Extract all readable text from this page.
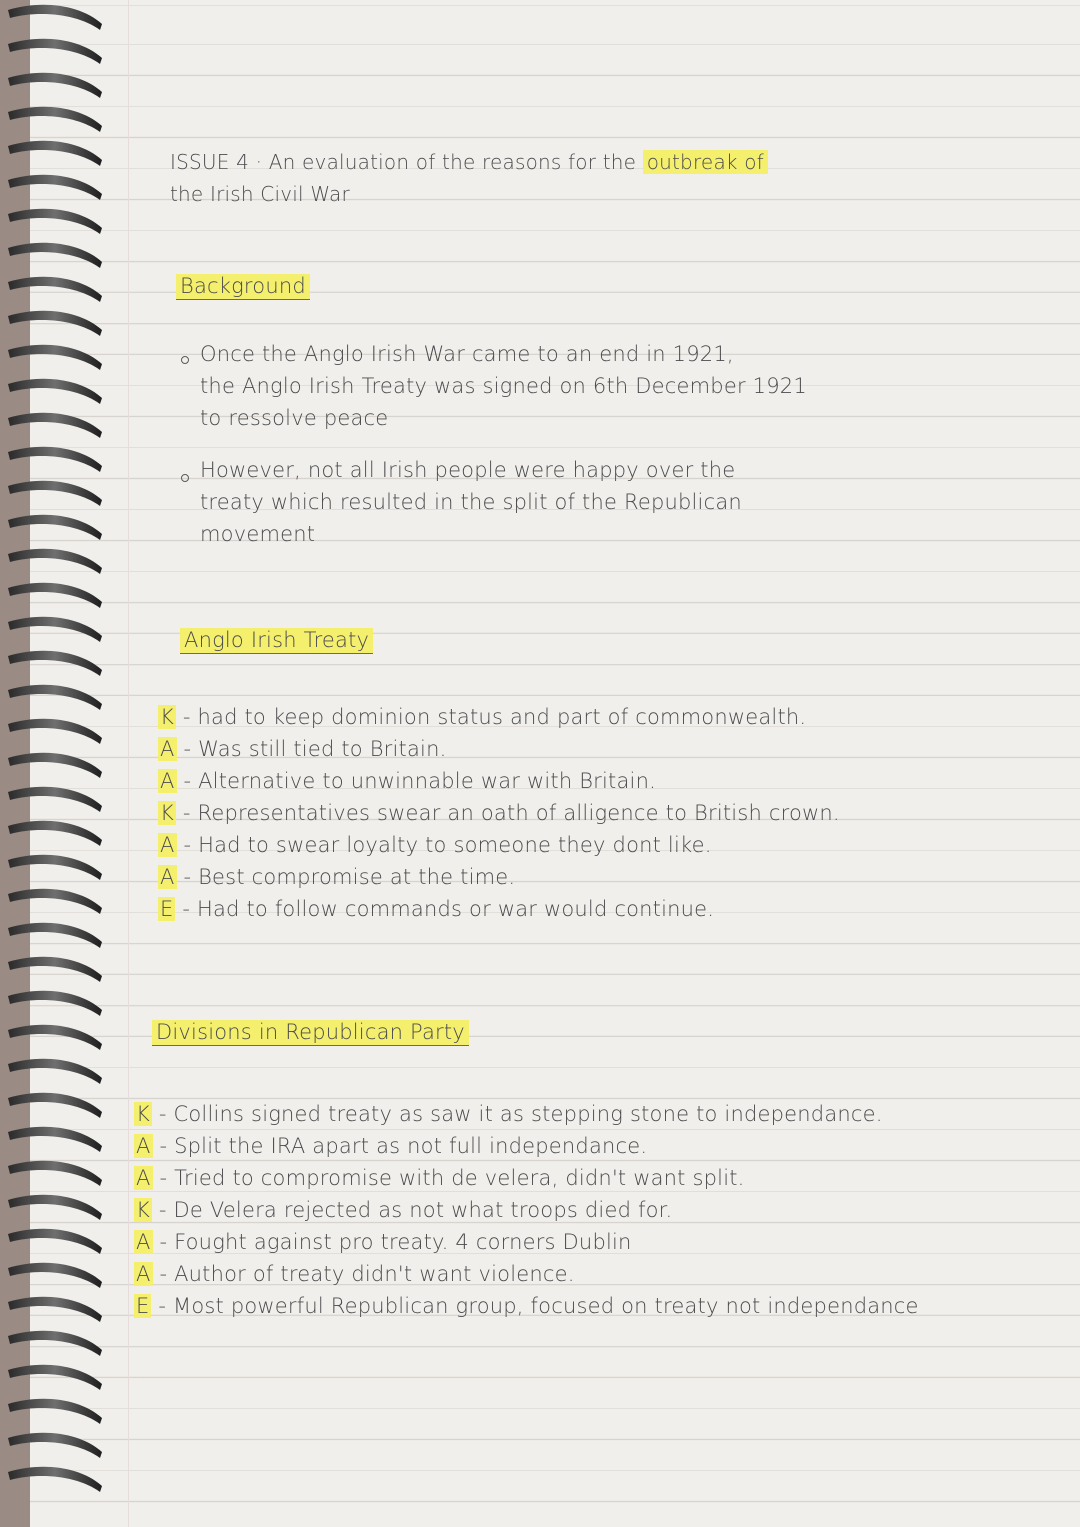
ISSUE 4 · An evaluation of the reasons for the outbreak of
the Irish Civil War
Background
Once the Anglo Irish War came to an end in 1921,
the Anglo Irish Treaty was signed on 6th December 1921
to ressolve peace
However, not all Irish people were happy over the
treaty which resulted in the split of the Republican
movement
Anglo Irish Treaty
K - had to keep dominion status and part of commonwealth.
A - Was still tied to Britain.
A - Alternative to unwinnable war with Britain.
K - Representatives swear an oath of alligence to British crown.
A - Had to swear loyalty to someone they dont like.
A - Best compromise at the time.
E - Had to follow commands or war would continue.
Divisions in Republican Party
K - Collins signed treaty as saw it as stepping stone to independance.
A - Split the IRA apart as not full independance.
A - Tried to compromise with de velera, didn't want split.
K - De Velera rejected as not what troops died for.
A - Fought against pro treaty. 4 corners Dublin
A - Author of treaty didn't want violence.
E - Most powerful Republican group, focused on treaty not independance
